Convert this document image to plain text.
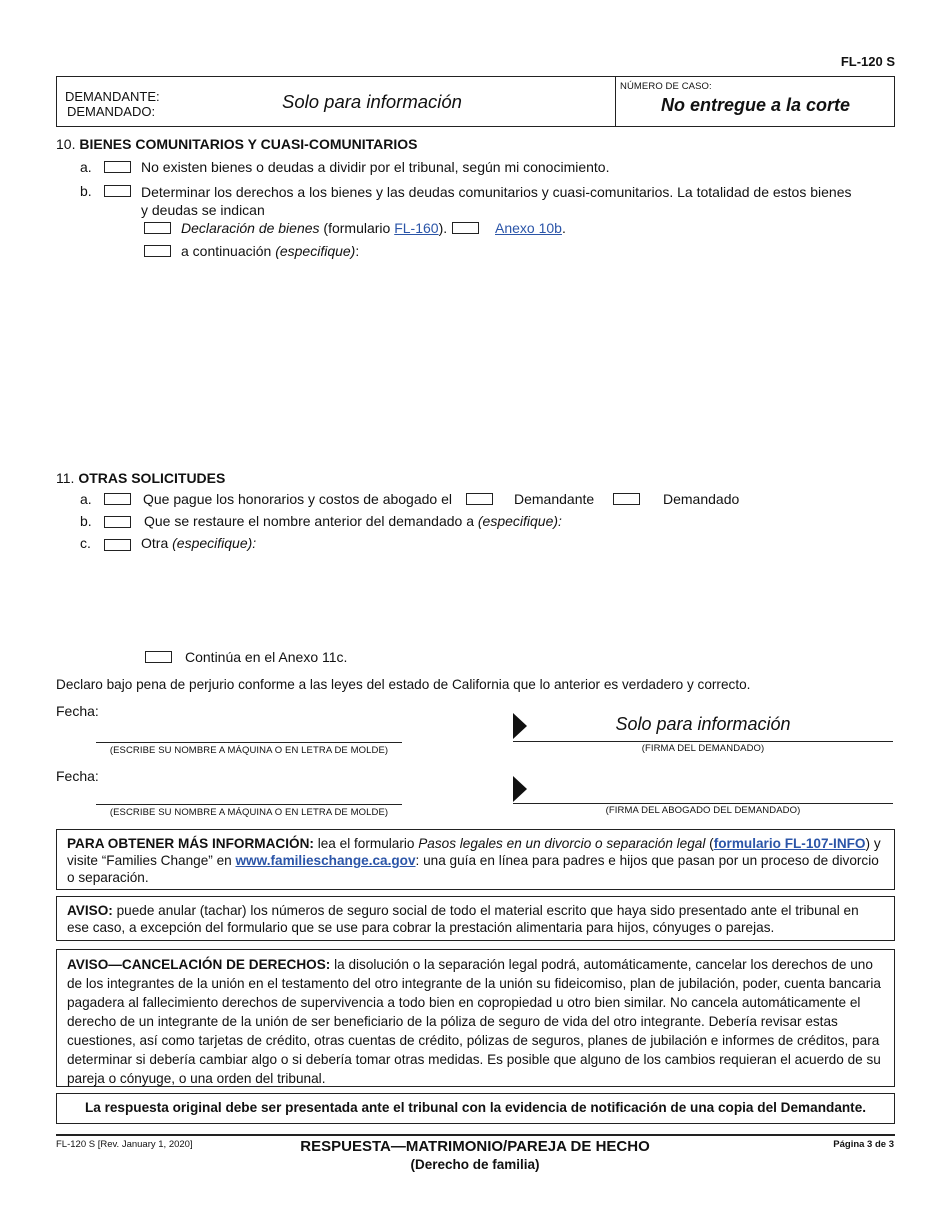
FL-120 S
DEMANDANTE:
DEMANDADO:	Solo para información
NÚMERO DE CASO:
No entregue a la corte
10. BIENES COMUNITARIOS Y CUASI-COMUNITARIOS
a.	No existen bienes o deudas a dividir por el tribunal, según mi conocimiento.
b.	Determinar los derechos a los bienes y las deudas comunitarios y cuasi-comunitarios. La totalidad de estos bienes
y deudas se indican
Declaración de bienes (formulario FL-160).	Anexo 10b.
a continuación (especifique):
11. OTRAS SOLICITUDES
a.	Que pague los honorarios y costos de abogado el	Demandante	Demandado
b.	Que se restaure el nombre anterior del demandado a (especifique):
c.	Otra (especifique):
Continúa en el Anexo 11c.
Declaro bajo pena de perjurio conforme a las leyes del estado de California que lo anterior es verdadero y correcto.
Fecha:
(ESCRIBE SU NOMBRE A MÁQUINA O EN LETRA DE MOLDE)
Solo para información
(FIRMA DEL DEMANDADO)
Fecha:
(ESCRIBE SU NOMBRE A MÁQUINA O EN LETRA DE MOLDE)	(FIRMA DEL ABOGADO DEL DEMANDADO)

PARA OBTENER MÁS INFORMACIÓN: lea el formulario Pasos legales en un divorcio o separación legal (formulario FL-107-INFO) y visite “Families Change” en www.familieschange.ca.gov: una guía en línea para padres e hijos que pasan por un proceso de divorcio o separación.

AVISO: puede anular (tachar) los números de seguro social de todo el material escrito que haya sido presentado ante el tribunal en ese caso, a excepción del formulario que se use para cobrar la prestación alimentaria para hijos, cónyuges o parejas.

AVISO—CANCELACIÓN DE DERECHOS: la disolución o la separación legal podrá, automáticamente, cancelar los derechos de uno de los integrantes de la unión en el testamento del otro integrante de la unión su fideicomiso, plan de jubilación, poder, cuenta bancaria pagadera al fallecimiento derechos de supervivencia a todo bien en copropiedad u otro bien similar. No cancela automáticamente el derecho de un integrante de la unión de ser beneficiario de la póliza de seguro de vida del otro integrante. Debería revisar estas cuestiones, así como tarjetas de crédito, otras cuentas de crédito, pólizas de seguros, planes de jubilación e informes de créditos, para determinar si debería cambiar algo o si debería tomar otras medidas. Es posible que alguno de los cambios requieran el acuerdo de su pareja o cónyuge, o una orden del tribunal.

La respuesta original debe ser presentada ante el tribunal con la evidencia de notificación de una copia del Demandante.
FL-120 S [Rev. January 1, 2020]	RESPUESTA—MATRIMONIO/PAREJA DE HECHO
(Derecho de familia)
Página 3 de 3
